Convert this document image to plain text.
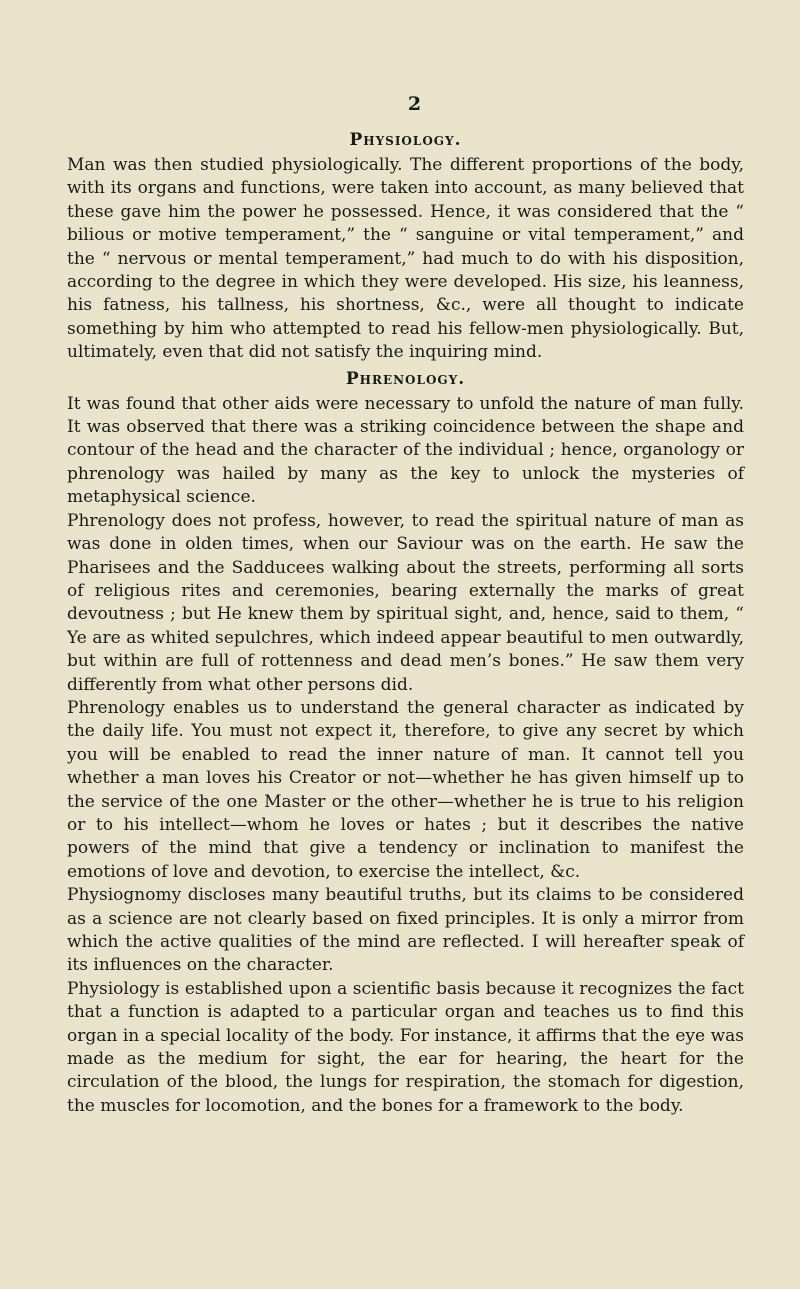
2
Physiology.

Man was then studied physiologically. The different proportions of the body, with its organs and functions, were taken into account, as many believed that these gave him the power he possessed. Hence, it was considered that the “ bilious or motive temperament,” the “ sanguine or vital temperament,” and the “ nervous or mental temperament,” had much to do with his disposition, according to the degree in which they were developed. His size, his leanness, his fatness, his tallness, his shortness, &c., were all thought to indicate something by him who attempted to read his fellow-men physiologically. But, ultimately, even that did not satisfy the inquiring mind.

Phrenology.

It was found that other aids were necessary to unfold the nature of man fully. It was observed that there was a striking coincidence between the shape and contour of the head and the character of the individual ; hence, organology or phrenology was hailed by many as the key to unlock the mysteries of metaphysical science.

Phrenology does not profess, however, to read the spiritual nature of man as was done in olden times, when our Saviour was on the earth. He saw the Pharisees and the Sadducees walking about the streets, performing all sorts of religious rites and ceremonies, bearing externally the marks of great devoutness ; but He knew them by spiritual sight, and, hence, said to them, “ Ye are as whited sepulchres, which indeed appear beautiful to men outwardly, but within are full of rottenness and dead men’s bones.” He saw them very differently from what other persons did.

Phrenology enables us to understand the general character as indicated by the daily life. You must not expect it, therefore, to give any secret by which you will be enabled to read the inner nature of man. It cannot tell you whether a man loves his Creator or not—whether he has given himself up to the service of the one Master or the other—whether he is true to his religion or to his intellect—whom he loves or hates ; but it describes the native powers of the mind that give a tendency or inclination to manifest the emotions of love and devotion, to exercise the intellect, &c.

Physiognomy discloses many beautiful truths, but its claims to be considered as a science are not clearly based on fixed principles. It is only a mirror from which the active qualities of the mind are reflected. I will hereafter speak of its influences on the character.

Physiology is established upon a scientific basis because it recognizes the fact that a function is adapted to a particular organ and teaches us to find this organ in a special locality of the body. For instance, it affirms that the eye was made as the medium for sight, the ear for hearing, the heart for the circulation of the blood, the lungs for respiration, the stomach for digestion, the muscles for locomotion, and the bones for a framework to the body.
